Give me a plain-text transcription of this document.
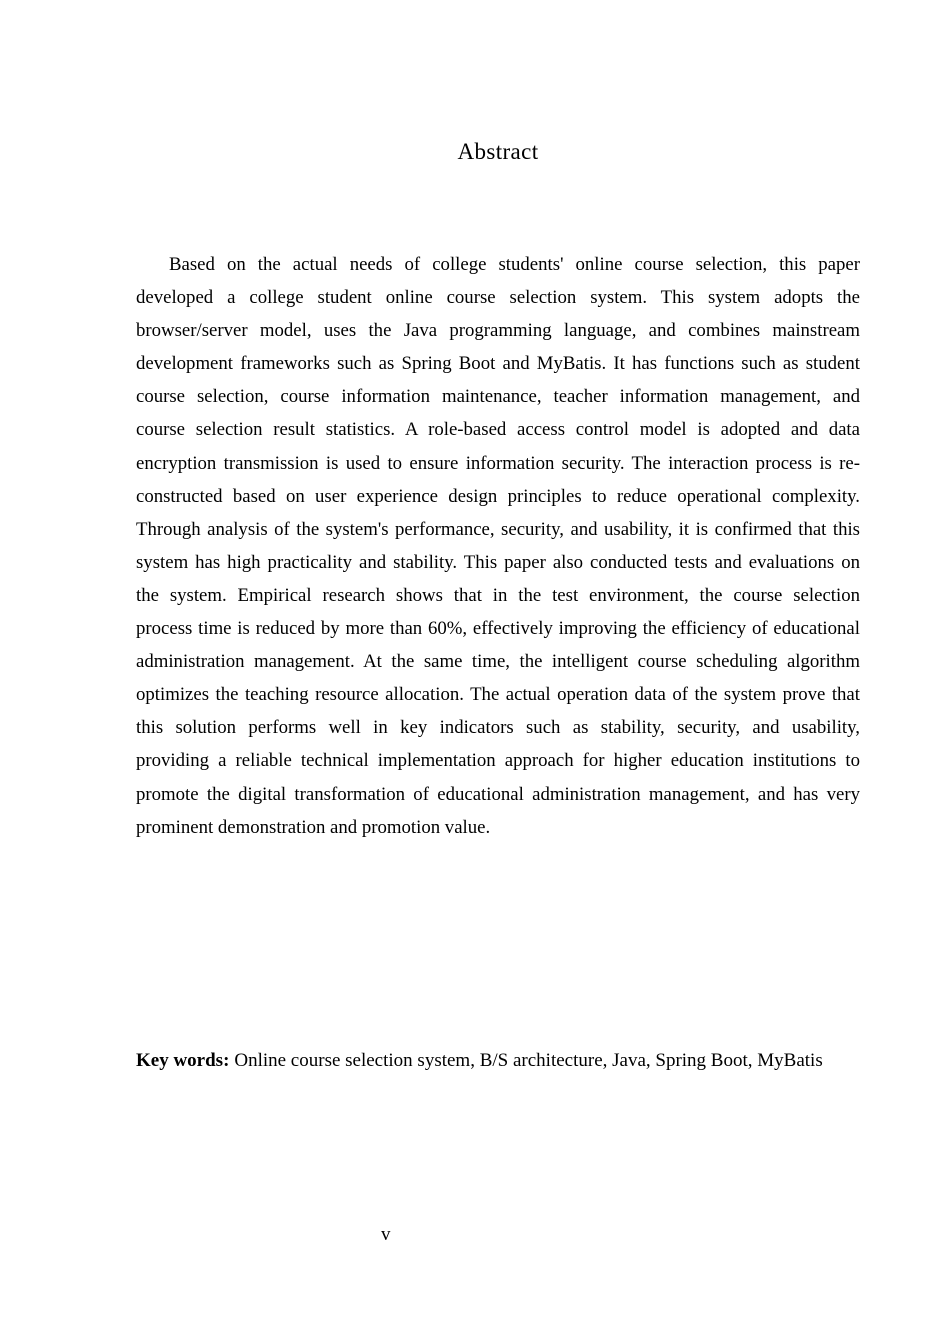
Abstract
Based on the actual needs of college students' online course selection, this paper
developed a college student online course selection system. This system adopts the
browser/server model, uses the Java programming language, and combines mainstream
development frameworks such as Spring Boot and MyBatis. It has functions such as student
course selection, course information maintenance, teacher information management, and
course selection result statistics. A role-based access control model is adopted and data
encryption transmission is used to ensure information security. The interaction process is re-
constructed based on user experience design principles to reduce operational complexity.
Through analysis of the system's performance, security, and usability, it is confirmed that this
system has high practicality and stability. This paper also conducted tests and evaluations on
the system. Empirical research shows that in the test environment, the course selection
process time is reduced by more than 60%, effectively improving the efficiency of educational
administration management. At the same time, the intelligent course scheduling algorithm
optimizes the teaching resource allocation. The actual operation data of the system prove that
this solution performs well in key indicators such as stability, security, and usability,
providing a reliable technical implementation approach for higher education institutions to
promote the digital transformation of educational administration management, and has very
prominent demonstration and promotion value.
Key words: Online course selection system, B/S architecture, Java, Spring Boot, MyBatis
v
